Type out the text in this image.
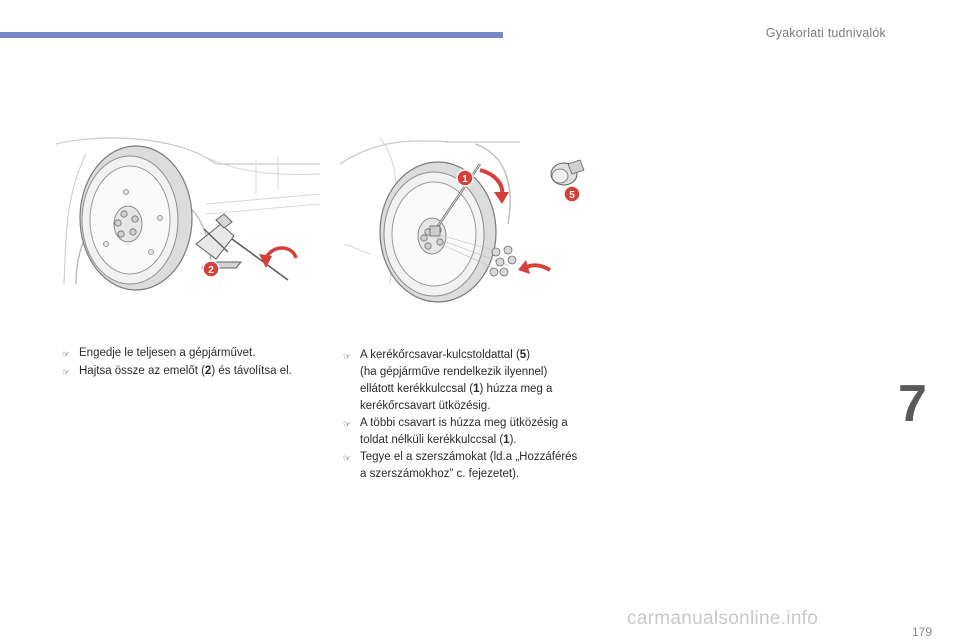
Gyakorlati tudnivalók
2
1
5
☞ Engedje le teljesen a gépjárművet.
☞ Hajtsa össze az emelőt (2) és távolítsa el.
☞ A kerékőrcsavar-kulcstoldattal (5)
(ha gépjárműve rendelkezik ilyennel)
ellátott kerékkulccsal (1) húzza meg a
kerékőrcsavart ütközésig.
☞ A többi csavart is húzza meg ütközésig a
toldat nélküli kerékkulccsal (1).
☞ Tegye el a szerszámokat (ld.a „Hozzáférés
a szerszámokhoz” c. fejezetet).
7
179
carmanualsonline.info
